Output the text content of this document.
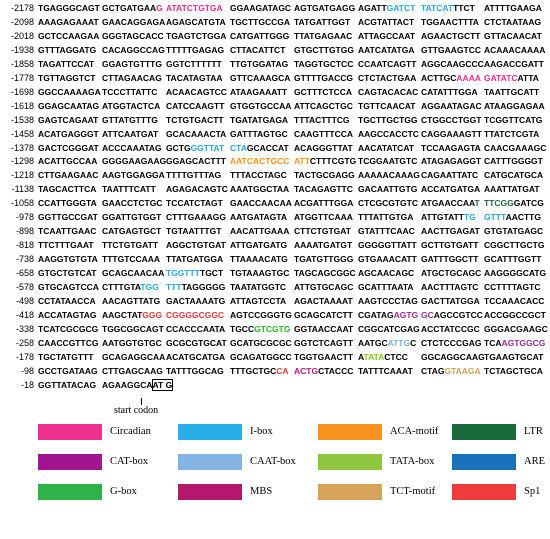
-2178 TGAGGGCAGT GCTGATGAAG ATATCTGTGA GGAAGATAGC AGTGATGAGG AGATTGATCT TATCATTTCT ATTTTGAAGA
-2098 AAAGAGAAAT GAACAGGAGA AGAGCATGTA TGCTTGCCGA TATGATTGGT ACGTATTACT TGGAACTTTA CTCTAATAAG
-2018 GCTCCAAGAA GGGTAGCACC TGAGTCTGGA CATGATTGGG TTATGAGAAC ATTAGCCAAT AGAACTGCTT GTTACAACAT
-1938 GTTTAGGATG CACAGGCCAG TTTTTGAGAG CTTACATTCT GTGCTTGTGG AATCATATGA GTTGAAGTCC ACAAACAAAA
-1858 TAGATTCCAT GGAGTGTTTG GGTCTTTTTT TTGTGGATAG TAGGTGCTCC CCAATCAGTT AGGCAAGCCC AAGACCGATT
-1778 TGTTAGGTCT CTTAGAACAG TACATAGTAA GTTCAAAGCA GTTTTGACCG CTCTACTGAA ACTTGCAAAA GATATCATTA
-1698 GGCCAAAAGA TCCCTTATTC ACAACAGTCC ATAAGAAATT GCTTTCTCCA CAGTACACAC CATATTTGGA TAATTGCATT
-1618 GGAGCAATAG ATGGTACTCA CATCCAAGTT GTGGTGCCAA ATTCAGCTGC TGTTCAACAT AGGAATAGAC ATAAGGAGAA
-1538 GAGTCAGAAT GTTATGTTTG TCTGTGACTT TGATATGAGA TTTACTTTCG TGCTTGCTGG CTGGCCTGGT TCGGTTCATG
-1458 ACATGAGGGT ATTCAATGAT GCACAAACTA GATTTAGTGC CAAGTTTCCA AAGCCACCTC CAGGAAAGTT TTATCTCGTA
-1378 GACTCGGGAT ACCCAAATAG GCTGGGTTAT CTAGCACCAT ACAGGGTTAT AACATATCAT TCCAAGAGTA CAACGAAAGC
-1298 ACATTGCCAA GGGGAAGAAG GGAGCACTTT AATCACTGCC ATTCTTTCGTG TCGGAATGTC ATAGAGAGGT CATTTGGGGT
-1218 CTTGAAGAAC AAGTGGAGGA TTTTGTTTAG TTTACCTAGC TACTGCGAGG AAAAACAAAG CAGAATTATC CATGCATGCA
-1138 TAGCACTTCA TAATTTCATT AGAGACAGTC AAATGGCTAA TACAGAGTTC GACAATTGTG ACCATGATGA AAATTATGAT
-1058 CCATTGGGTA GAACCTCTGC TCCATCTAGT GAACCAACAA ACGATTTGGA CTCGCGTGTC ATGAACCAAT TTCGGGATCG
-978 GGTTGCCGAT GGATTGTGGT CTTTGAAAGG AATGATAGTA ATGGTTCAAA TTTATTGTGA ATTGTATTTG GTTTAACTTG
-898 TCAATTGAAC CATGAGTGCT TGTAATTTGT AACATTGAAA CTTCTGTGAT GTATTTCAAC AACTTGAGAT GTGTATGAGC
-818 TTCTTTGAAT TTCTGTGATT AGGCTGTGAT ATTGATGATG AAAATGATGT GGGGGTTATT GCTTGTGATT CGGCTTGCTG
-738 AAGGTGTGTA TTTGTCCAAA TTATGATGGA TTAAAACATG TGATGTTGGG GTGAAACATT GATTTGGCTT GCATTTGGTT
-658 GTGCTGTCAT GCAGCAACAA TGGTTTTGCT TGTAAAGTGC TAGCAGCGGC AGCAACAGC ATGCTGCAGC AAGGGGCATG
-578 GTGCAGTCCA CTTTGTATGG TTTTAGGGGG TAATATGGTC ATTGTGCAGC GCATTTAATA AACTTTAGTC CCTTTTAGTC
-498 CCTATAACCA AACAGTTATG GACTAAAATG ATTAGTCCTA AGACTAAAAT AAGTCCCTAG GACTTATGGA TCCAAACACC
-418 ACCATAGTAG AAGCTATGGG CGGGGCGGC AGTCCGGGTG GCAGCATCTT CGATAGAGTG GCAGCCGTCC ACCGGCCGCT
-338 TCATCGCGCG TGGCGGCAGT CCACCCAATA TGCCGTCGTG GGTAACCAAT CGGCATCGAG ACCTATCCGC GGGACGAAGC
-258 CAACCGTTCG AATGGTGTGC GCGCGTGCAT GCATGCGCGC GGTCTCAGTT AATGCATTGC CTCTCCCGAG TCAAGTGGCG
-178 TGCTATGTTT GCAGAGGCAA ACATGCATGA GCAGATGGCC TGGTGAACTT ATATACTCC GGCAGGCAAG TGAAGTGCAT
-98 GCCTGATAAG CTTGAGCAAG TATTTGGCAG TTTGCTGCCA ACTGCTACCC TATTTCAAAT CTAGGTAAGA TCTAGCTGCA
-18 GGTTATACAG AGAAGGCAAT G
start codon
Circadian	I-box	ACA-motif	LTR
CAT-box	CAAT-box	TATA-box	ARE
G-box	MBS	TCT-motif	Sp1
